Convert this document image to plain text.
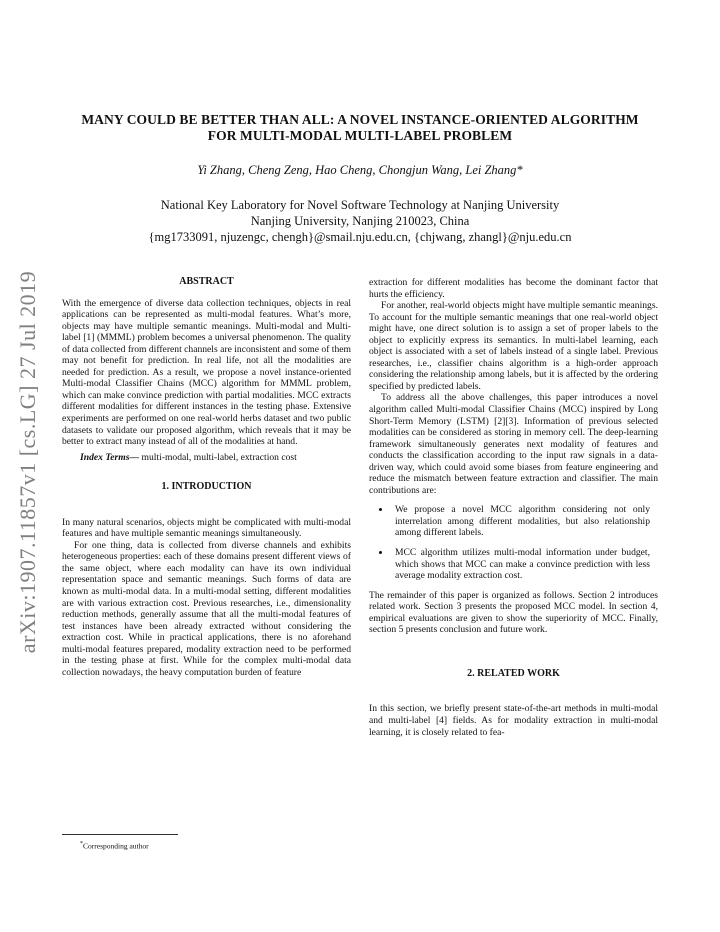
arXiv:1907.11857v1 [cs.LG] 27 Jul 2019
MANY COULD BE BETTER THAN ALL: A NOVEL INSTANCE-ORIENTED ALGORITHM
FOR MULTI-MODAL MULTI-LABEL PROBLEM
Yi Zhang, Cheng Zeng, Hao Cheng, Chongjun Wang, Lei Zhang*
National Key Laboratory for Novel Software Technology at Nanjing University
Nanjing University, Nanjing 210023, China
{mg1733091, njuzengc, chengh}@smail.nju.edu.cn, {chjwang, zhangl}@nju.edu.cn
ABSTRACT

With the emergence of diverse data collection techniques, objects in real applications can be represented as multi-modal features. What’s more, objects may have multiple semantic meanings. Multi-modal and Multi-label [1] (MMML) problem becomes a universal phenomenon. The quality of data collected from different channels are inconsistent and some of them may not benefit for prediction. In real life, not all the modalities are needed for prediction. As a result, we propose a novel instance-oriented Multi-modal Classifier Chains (MCC) algorithm for MMML problem, which can make convince prediction with partial modalities. MCC extracts different modalities for different instances in the testing phase. Extensive experiments are performed on one real-world herbs dataset and two public datasets to validate our proposed algorithm, which reveals that it may be better to extract many instead of all of the modalities at hand.

Index Terms— multi-modal, multi-label, extraction cost

1. INTRODUCTION

In many natural scenarios, objects might be complicated with multi-modal features and have multiple semantic meanings simultaneously.

For one thing, data is collected from diverse channels and exhibits heterogeneous properties: each of these domains present different views of the same object, where each modality can have its own individual representation space and semantic meanings. Such forms of data are known as multi-modal data. In a multi-modal setting, different modalities are with various extraction cost. Previous researches, i.e., dimensionality reduction methods, generally assume that all the multi-modal features of test instances have been already extracted without considering the extraction cost. While in practical applications, there is no aforehand multi-modal features prepared, modality extraction need to be performed in the testing phase at first. While for the complex multi-modal data collection nowadays, the heavy computation burden of feature

extraction for different modalities has become the dominant factor that hurts the efficiency.

For another, real-world objects might have multiple semantic meanings. To account for the multiple semantic meanings that one real-world object might have, one direct solution is to assign a set of proper labels to the object to explicitly express its semantics. In multi-label learning, each object is associated with a set of labels instead of a single label. Previous researches, i.e., classifier chains algorithm is a high-order approach considering the relationship among labels, but it is affected by the ordering specified by predicted labels.

To address all the above challenges, this paper introduces a novel algorithm called Multi-modal Classifier Chains (MCC) inspired by Long Short-Term Memory (LSTM) [2][3]. Information of previous selected modalities can be considered as storing in memory cell. The deep-learning framework simultaneously generates next modality of features and conducts the classification according to the input raw signals in a data-driven way, which could avoid some biases from feature engineering and reduce the mismatch between feature extraction and classifier. The main contributions are:

• We propose a novel MCC algorithm considering not only interrelation among different modalities, but also relationship among different labels.
• MCC algorithm utilizes multi-modal information under budget, which shows that MCC can make a convince prediction with less average modality extraction cost.

The remainder of this paper is organized as follows. Section 2 introduces related work. Section 3 presents the proposed MCC model. In section 4, empirical evaluations are given to show the superiority of MCC. Finally, section 5 presents conclusion and future work.

2. RELATED WORK

In this section, we briefly present state-of-the-art methods in multi-modal and multi-label [4] fields. As for modality extraction in multi-modal learning, it is closely related to fea-

*Corresponding author
